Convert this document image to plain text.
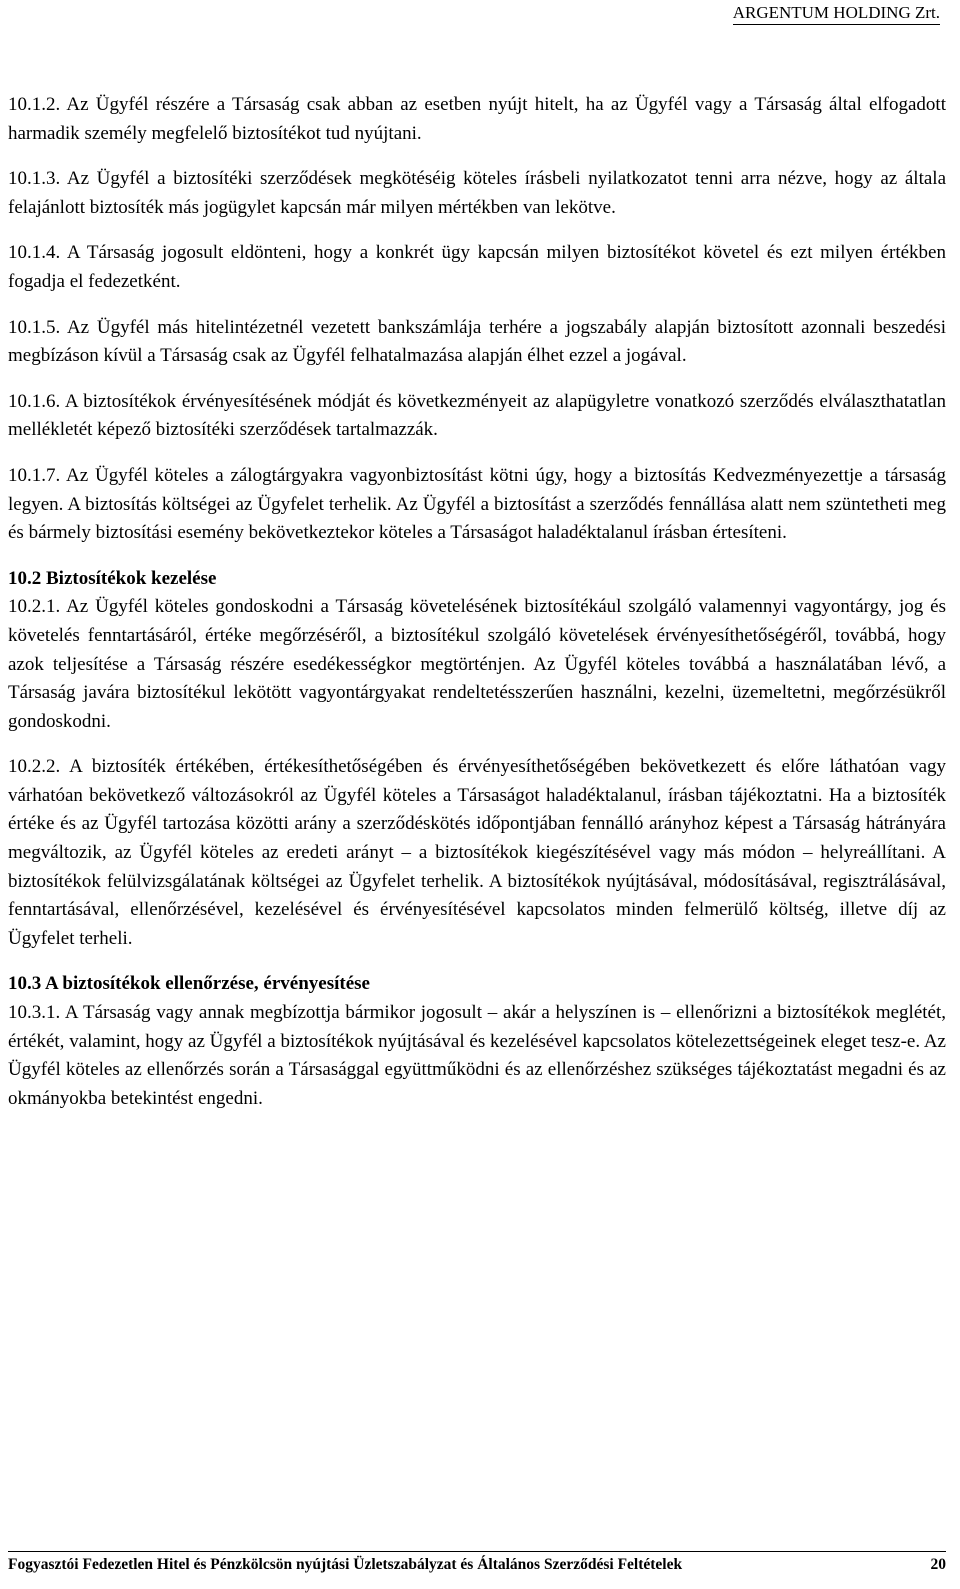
ARGENTUM HOLDING Zrt.

10.1.2. Az Ügyfél részére a Társaság csak abban az esetben nyújt hitelt, ha az Ügyfél vagy a Társaság által elfogadott harmadik személy megfelelő biztosítékot tud nyújtani.

10.1.3. Az Ügyfél a biztosítéki szerződések megkötéséig köteles írásbeli nyilatkozatot tenni arra nézve, hogy az általa felajánlott biztosíték más jogügylet kapcsán már milyen mértékben van lekötve.

10.1.4. A Társaság jogosult eldönteni, hogy a konkrét ügy kapcsán milyen biztosítékot követel és ezt milyen értékben fogadja el fedezetként.

10.1.5. Az Ügyfél más hitelintézetnél vezetett bankszámlája terhére a jogszabály alapján biztosított azonnali beszedési megbízáson kívül a Társaság csak az Ügyfél felhatalmazása alapján élhet ezzel a jogával.

10.1.6. A biztosítékok érvényesítésének módját és következményeit az alapügyletre vonatkozó szerződés elválaszthatatlan mellékletét képező biztosítéki szerződések tartalmazzák.

10.1.7. Az Ügyfél köteles a zálogtárgyakra vagyonbiztosítást kötni úgy, hogy a biztosítás Kedvezményezettje a társaság legyen. A biztosítás költségei az Ügyfelet terhelik. Az Ügyfél a biztosítást a szerződés fennállása alatt nem szüntetheti meg és bármely biztosítási esemény bekövetkeztekor köteles a Társaságot haladéktalanul írásban értesíteni.

10.2 Biztosítékok kezelése

10.2.1. Az Ügyfél köteles gondoskodni a Társaság követelésének biztosítékául szolgáló valamennyi vagyontárgy, jog és követelés fenntartásáról, értéke megőrzéséről, a biztosítékul szolgáló követelések érvényesíthetőségéről, továbbá, hogy azok teljesítése a Társaság részére esedékességkor megtörténjen. Az Ügyfél köteles továbbá a használatában lévő, a Társaság javára biztosítékul lekötött vagyontárgyakat rendeltetésszerűen használni, kezelni, üzemeltetni, megőrzésükről gondoskodni.

10.2.2. A biztosíték értékében, értékesíthetőségében és érvényesíthetőségében bekövetkezett és előre láthatóan vagy várhatóan bekövetkező változásokról az Ügyfél köteles a Társaságot haladéktalanul, írásban tájékoztatni. Ha a biztosíték értéke és az Ügyfél tartozása közötti arány a szerződéskötés időpontjában fennálló arányhoz képest a Társaság hátrányára megváltozik, az Ügyfél köteles az eredeti arányt – a biztosítékok kiegészítésével vagy más módon – helyreállítani. A biztosítékok felülvizsgálatának költségei az Ügyfelet terhelik. A biztosítékok nyújtásával, módosításával, regisztrálásával, fenntartásával, ellenőrzésével, kezelésével és érvényesítésével kapcsolatos minden felmerülő költség, illetve díj az Ügyfelet terheli.

10.3 A biztosítékok ellenőrzése, érvényesítése

10.3.1. A Társaság vagy annak megbízottja bármikor jogosult – akár a helyszínen is – ellenőrizni a biztosítékok meglétét, értékét, valamint, hogy az Ügyfél a biztosítékok nyújtásával és kezelésével kapcsolatos kötelezettségeinek eleget tesz-e. Az Ügyfél köteles az ellenőrzés során a Társasággal együttműködni és az ellenőrzéshez szükséges tájékoztatást megadni és az okmányokba betekintést engedni.

Fogyasztói Fedezetlen Hitel és Pénzkölcsön nyújtási Üzletszabályzat és Általános Szerződési Feltételek	20
